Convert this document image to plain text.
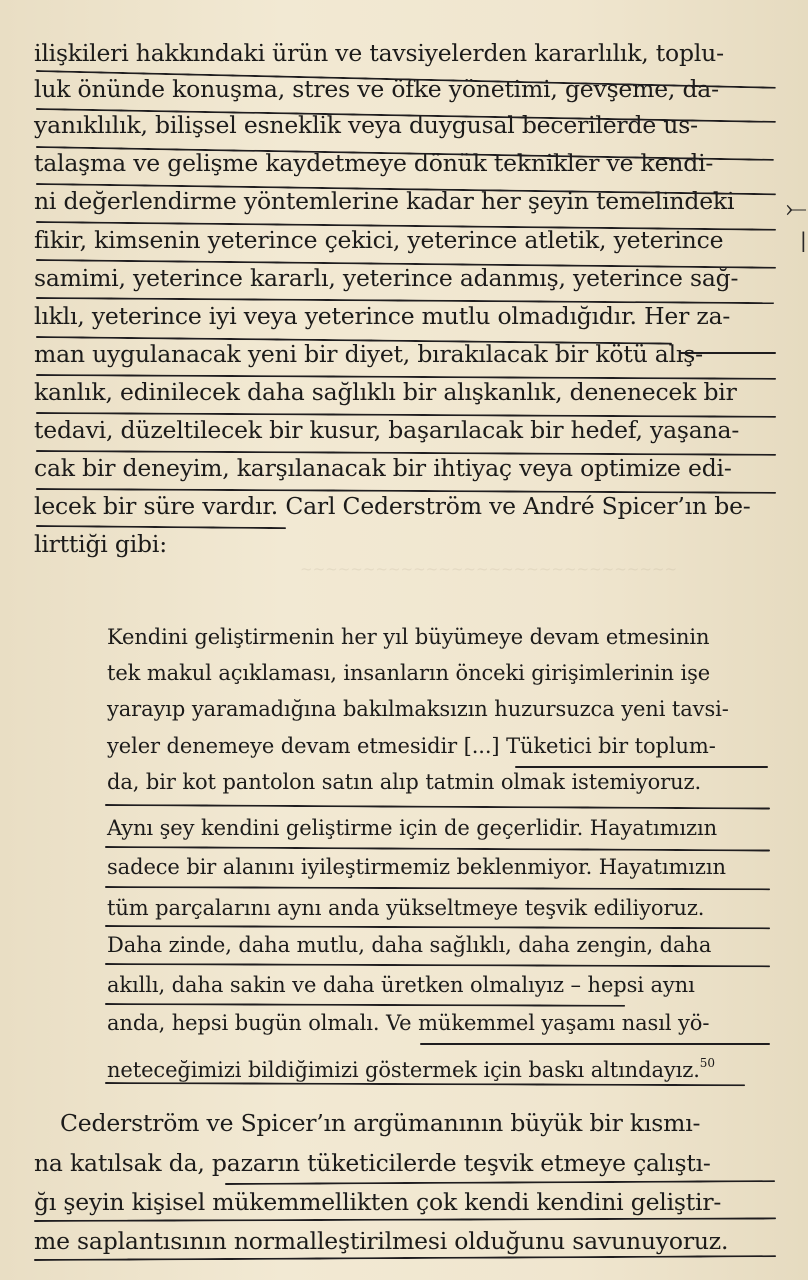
~~~~~~~~~~~~~~~~~~~~~~~~~~~~~~
ilişkileri hakkındaki ürün ve tavsiyelerden kararlılık, toplu-
luk önünde konuşma, stres ve öfke yönetimi, gevşeme, da-
yanıklılık, bilişsel esneklik veya duygusal becerilerde us-
talaşma ve gelişme kaydetmeye dönük teknikler ve kendi-
ni değerlendirme yöntemlerine kadar her şeyin temelindeki
fikir, kimsenin yeterince çekici, yeterince atletik, yeterince
samimi, yeterince kararlı, yeterince adanmış, yeterince sağ-
lıklı, yeterince iyi veya yeterince mutlu olmadığıdır. Her za-
man uygulanacak yeni bir diyet, bırakılacak bir kötü alış-
kanlık, edinilecek daha sağlıklı bir alışkanlık, denenecek bir
tedavi, düzeltilecek bir kusur, başarılacak bir hedef, yaşana-
cak bir deneyim, karşılanacak bir ihtiyaç veya optimize edi-
lecek bir süre vardır. Carl Cederström ve André Spicer’ın be-
lirttiği gibi:
⤚
|
Kendini geliştirmenin her yıl büyümeye devam etmesinin
tek makul açıklaması, insanların önceki girişimlerinin işe
yarayıp yaramadığına bakılmaksızın huzursuzca yeni tavsi-
yeler denemeye devam etmesidir [...] Tüketici bir toplum-
da, bir kot pantolon satın alıp tatmin olmak istemiyoruz.
Aynı şey kendini geliştirme için de geçerlidir. Hayatımızın
sadece bir alanını iyileştirmemiz beklenmiyor. Hayatımızın
tüm parçalarını aynı anda yükseltmeye teşvik ediliyoruz.
Daha zinde, daha mutlu, daha sağlıklı, daha zengin, daha
akıllı, daha sakin ve daha üretken olmalıyız – hepsi aynı
anda, hepsi bugün olmalı. Ve mükemmel yaşamı nasıl yö-
neteceğimizi bildiğimizi göstermek için baskı altındayız.$^{50}$
Cederström ve Spicer’ın argümanının büyük bir kısmı-
na katılsak da, pazarın tüketicilerde teşvik etmeye çalıştı-
ğı şeyin kişisel mükemmellikten çok kendi kendini geliştir-
me saplantısının normalleştirilmesi olduğunu savunuyoruz.
